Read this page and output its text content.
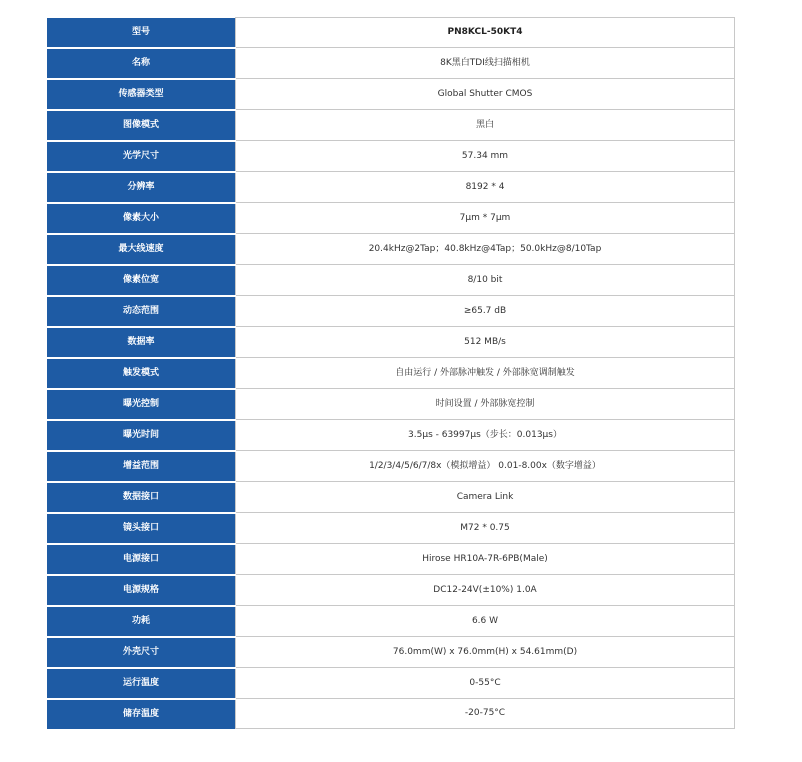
型号	PN8KCL-50KT4
名称	8K黑白TDI线扫描相机
传感器类型	Global Shutter CMOS
图像模式	黑白
光学尺寸	57.34 mm
分辨率	8192 * 4
像素大小	7μm * 7μm
最大线速度	20.4kHz@2Tap；40.8kHz@4Tap；50.0kHz@8/10Tap
像素位宽	8/10 bit
动态范围	≥65.7 dB
数据率	512 MB/s
触发模式	自由运行 / 外部脉冲触发 / 外部脉宽调制触发
曝光控制	时间设置 / 外部脉宽控制
曝光时间	3.5μs - 63997μs（步长：0.013μs）
增益范围	1/2/3/4/5/6/7/8x（模拟增益） 0.01-8.00x（数字增益）
数据接口	Camera Link
镜头接口	M72 * 0.75
电源接口	Hirose HR10A-7R-6PB(Male)
电源规格	DC12-24V(±10%) 1.0A
功耗	6.6 W
外壳尺寸	76.0mm(W) x 76.0mm(H) x 54.61mm(D)
运行温度	0-55°C
储存温度	-20-75°C
